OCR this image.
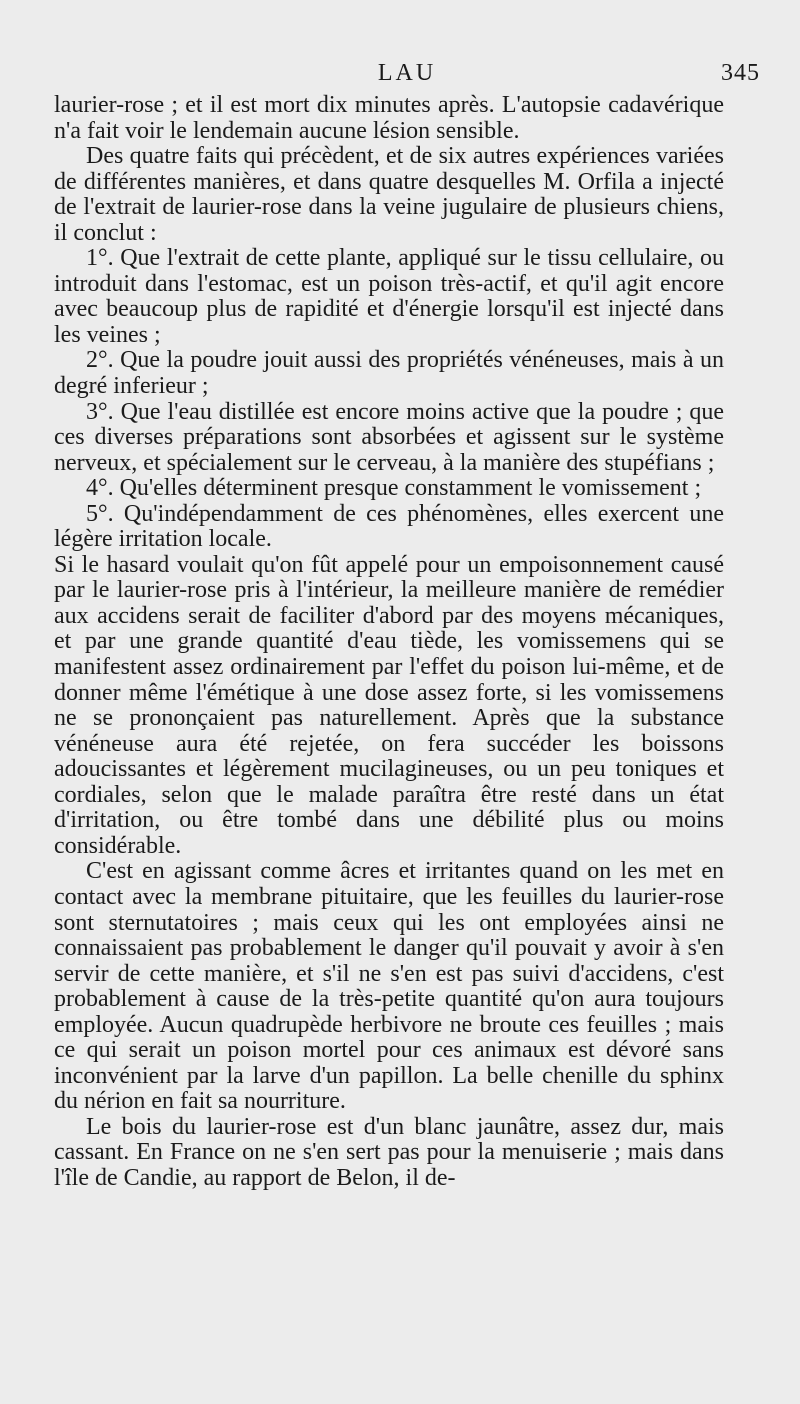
LAU	345

laurier-rose ; et il est mort dix minutes après. L'autopsie cadavérique n'a fait voir le lendemain aucune lésion sensible.

Des quatre faits qui précèdent, et de six autres expériences variées de différentes manières, et dans quatre desquelles M. Orfila a injecté de l'extrait de laurier-rose dans la veine jugulaire de plusieurs chiens, il conclut :

1°. Que l'extrait de cette plante, appliqué sur le tissu cellulaire, ou introduit dans l'estomac, est un poison très-actif, et qu'il agit encore avec beaucoup plus de rapidité et d'énergie lorsqu'il est injecté dans les veines ;

2°. Que la poudre jouit aussi des propriétés vénéneuses, mais à un degré inferieur ;

3°. Que l'eau distillée est encore moins active que la poudre ; que ces diverses préparations sont absorbées et agissent sur le système nerveux, et spécialement sur le cerveau, à la manière des stupéfians ;

4°. Qu'elles déterminent presque constamment le vomissement ;

5°. Qu'indépendamment de ces phénomènes, elles exercent une légère irritation locale.

Si le hasard voulait qu'on fût appelé pour un empoisonnement causé par le laurier-rose pris à l'intérieur, la meilleure manière de remédier aux accidens serait de faciliter d'abord par des moyens mécaniques, et par une grande quantité d'eau tiède, les vomissemens qui se manifestent assez ordinairement par l'effet du poison lui-même, et de donner même l'émétique à une dose assez forte, si les vomissemens ne se prononçaient pas naturellement. Après que la substance vénéneuse aura été rejetée, on fera succéder les boissons adoucissantes et légèrement mucilagineuses, ou un peu toniques et cordiales, selon que le malade paraîtra être resté dans un état d'irritation, ou être tombé dans une débilité plus ou moins considérable.

C'est en agissant comme âcres et irritantes quand on les met en contact avec la membrane pituitaire, que les feuilles du laurier-rose sont sternutatoires ; mais ceux qui les ont employées ainsi ne connaissaient pas probablement le danger qu'il pouvait y avoir à s'en servir de cette manière, et s'il ne s'en est pas suivi d'accidens, c'est probablement à cause de la très-petite quantité qu'on aura toujours employée. Aucun quadrupède herbivore ne broute ces feuilles ; mais ce qui serait un poison mortel pour ces animaux est dévoré sans inconvénient par la larve d'un papillon. La belle chenille du sphinx du nérion en fait sa nourriture.

Le bois du laurier-rose est d'un blanc jaunâtre, assez dur, mais cassant. En France on ne s'en sert pas pour la menuiserie ; mais dans l'île de Candie, au rapport de Belon, il de-
